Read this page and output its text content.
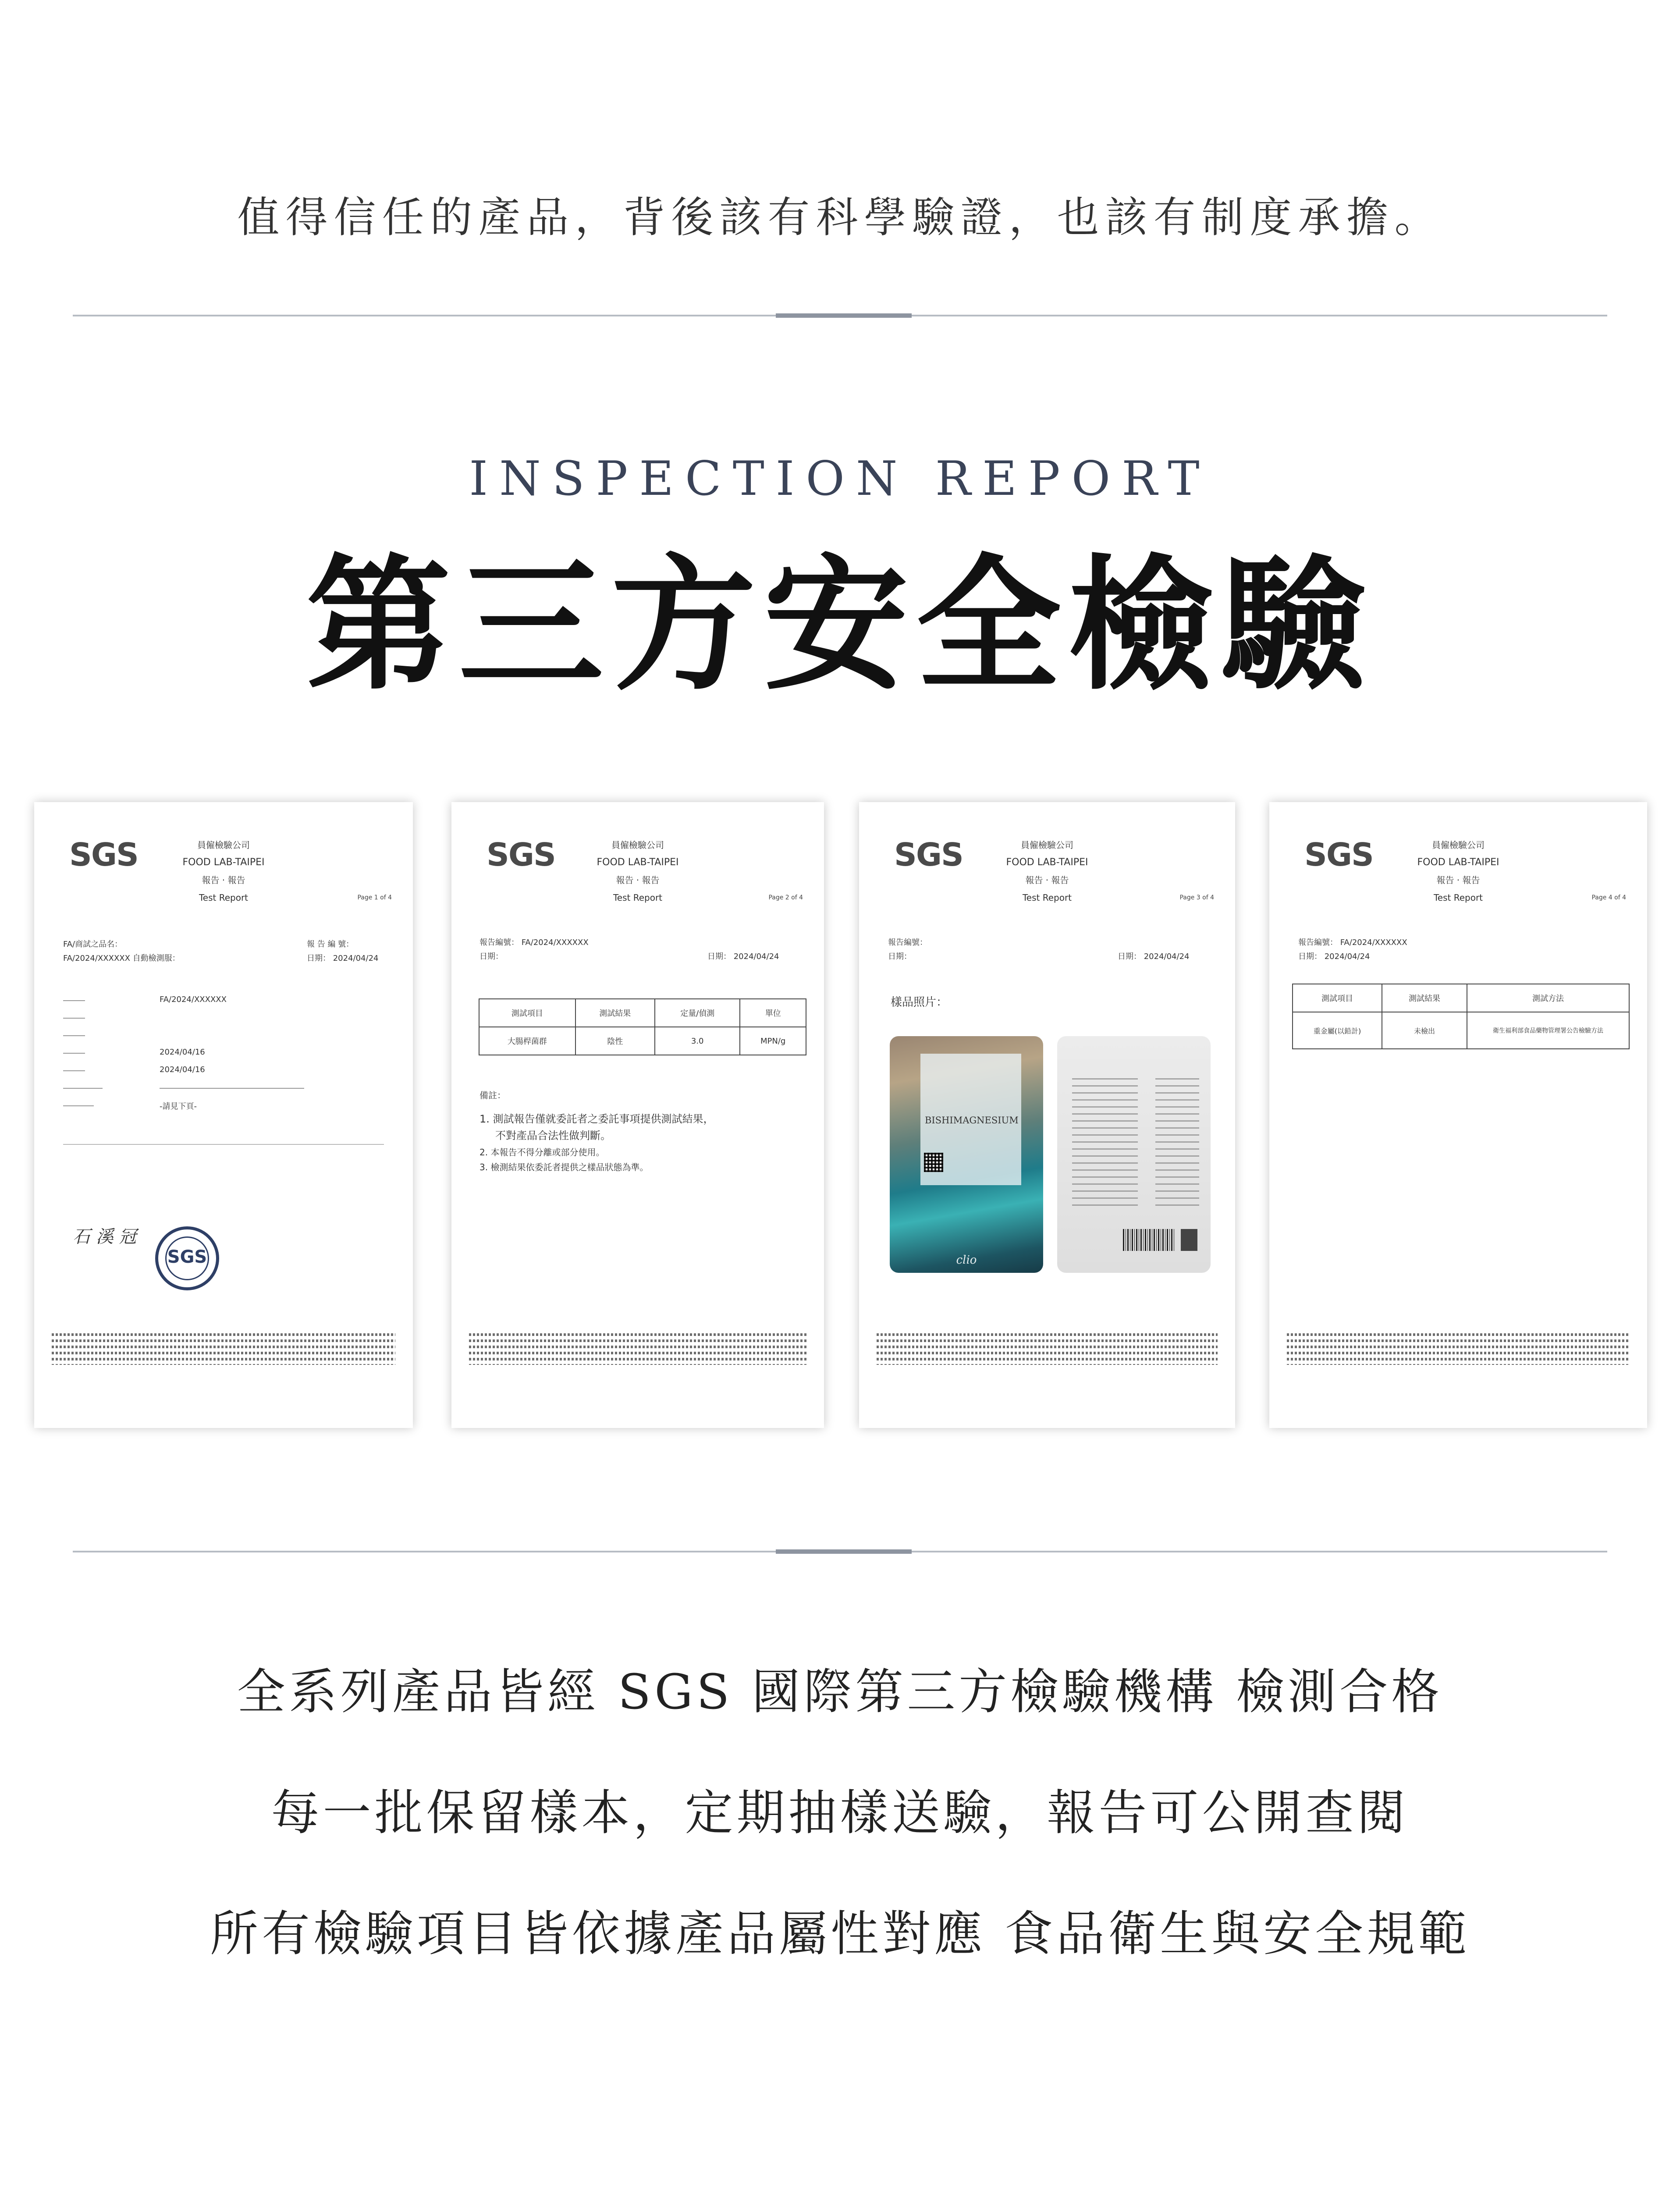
值得信任的產品，背後該有科學驗證，也該有制度承擔。
INSPECTION REPORT
第三方安全檢驗
SGS	員僱檢驗公司
FOOD LAB-TAIPEI
報告 · 報告
Test Report	Page 1 of 4
FA/商試之品名：
FA/2024/XXXXXX 自動檢測服：
報 告 編 號：
日期： 2024/04/24
FA/2024/XXXXXX
2024/04/16
2024/04/16
-請見下頁-
石 溪 冠
SGS
SGS	員僱檢驗公司
FOOD LAB-TAIPEI
報告 · 報告
Test Report	Page 2 of 4
報告編號： FA/2024/XXXXXX
日期：	日期： 2024/04/24
測試項目	測試結果	定量/偵測	單位
大腸桿菌群	陰性	3.0	MPN/g
備註：
1. 測試報告僅就委託者之委託事項提供測試結果，
不對產品合法性做判斷。
2. 本報告不得分離或部分使用。
3. 檢測結果依委託者提供之樣品狀態為準。
SGS	員僱檢驗公司
FOOD LAB-TAIPEI
報告 · 報告
Test Report	Page 3 of 4
報告編號：
日期：	日期： 2024/04/24
樣品照片：
BISHIMAGNESIUM
clio
SGS	員僱檢驗公司
FOOD LAB-TAIPEI
報告 · 報告
Test Report	Page 4 of 4
報告編號： FA/2024/XXXXXX
日期： 2024/04/24
測試項目	測試結果	測試方法
重金屬(以鉛計)	未檢出	衛生福利部食品藥物管理署公告檢驗方法
全系列產品皆經 SGS 國際第三方檢驗機構 檢測合格
每一批保留樣本，定期抽樣送驗，報告可公開查閱
所有檢驗項目皆依據產品屬性對應 食品衛生與安全規範
